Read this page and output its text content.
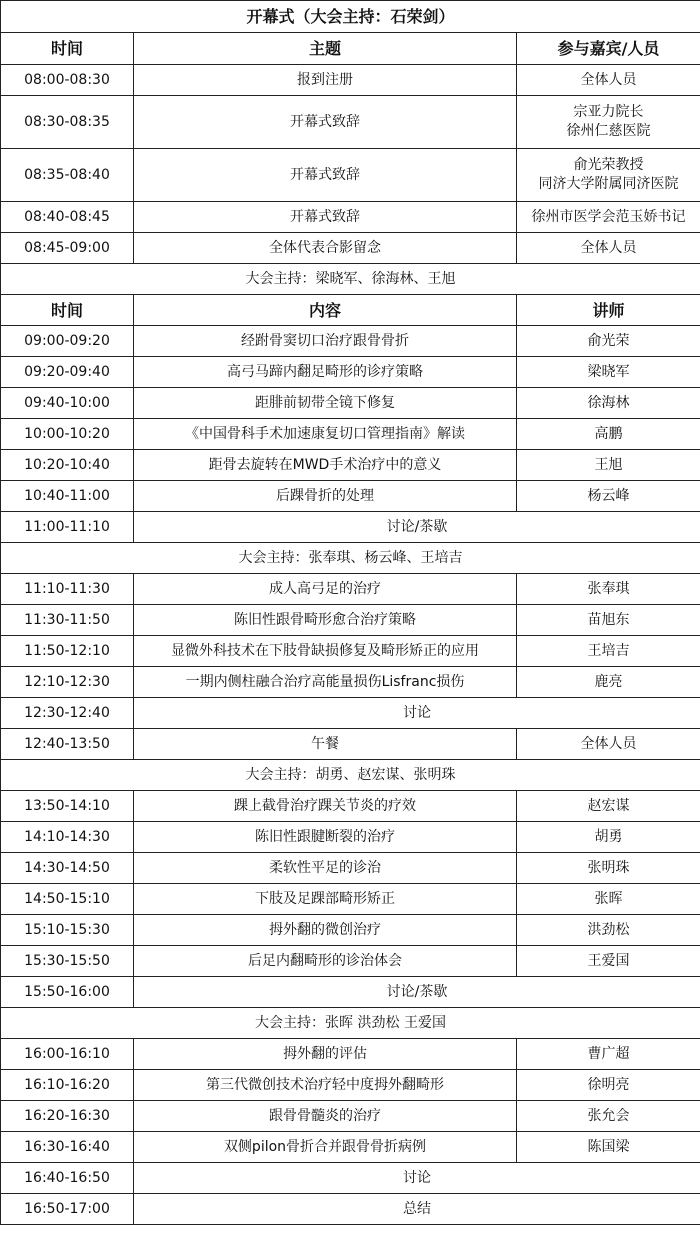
开幕式（大会主持：石荣剑）		
时间	主题	参与嘉宾/人员
08:00-08:30	报到注册	全体人员

08:30-08:35	开幕式致辞	宗亚力院长
徐州仁慈医院

08:35-08:40	开幕式致辞	俞光荣教授
同济大学附属同济医院

08:40-08:45	开幕式致辞	徐州市医学会范玉娇书记

08:45-09:00	全体代表合影留念	全体人员

大会主持：梁晓军、徐海林、王旭		
时间	内容	讲师
09:00-09:20	经跗骨窦切口治疗跟骨骨折	俞光荣
09:20-09:40	高弓马蹄内翻足畸形的诊疗策略	梁晓军
09:40-10:00	距腓前韧带全镜下修复	徐海林
10:00-10:20	《中国骨科手术加速康复切口管理指南》解读	高鹏
10:20-10:40	距骨去旋转在MWD手术治疗中的意义	王旭
10:40-11:00	后踝骨折的处理	杨云峰
11:00-11:10	讨论/茶歇	
大会主持：张奉琪、杨云峰、王培吉		
11:10-11:30	成人高弓足的治疗	张奉琪
11:30-11:50	陈旧性跟骨畸形愈合治疗策略	苗旭东
11:50-12:10	显微外科技术在下肢骨缺损修复及畸形矫正的应用	王培吉
12:10-12:30	一期内侧柱融合治疗高能量损伤Lisfranc损伤	鹿亮
12:30-12:40	讨论	
12:40-13:50	午餐	全体人员
大会主持：胡勇、赵宏谋、张明珠		
13:50-14:10	踝上截骨治疗踝关节炎的疗效	赵宏谋
14:10-14:30	陈旧性跟腱断裂的治疗	胡勇
14:30-14:50	柔软性平足的诊治	张明珠
14:50-15:10	下肢及足踝部畸形矫正	张晖
15:10-15:30	拇外翻的微创治疗	洪劲松
15:30-15:50	后足内翻畸形的诊治体会	王爱国
15:50-16:00	讨论/茶歇	
大会主持：张晖 洪劲松 王爱国		
16:00-16:10	拇外翻的评估	曹广超
16:10-16:20	第三代微创技术治疗轻中度拇外翻畸形	徐明亮
16:20-16:30	跟骨骨髓炎的治疗	张允会
16:30-16:40	双侧pilon骨折合并跟骨骨折病例	陈国梁
16:40-16:50	讨论	
16:50-17:00	总结	
